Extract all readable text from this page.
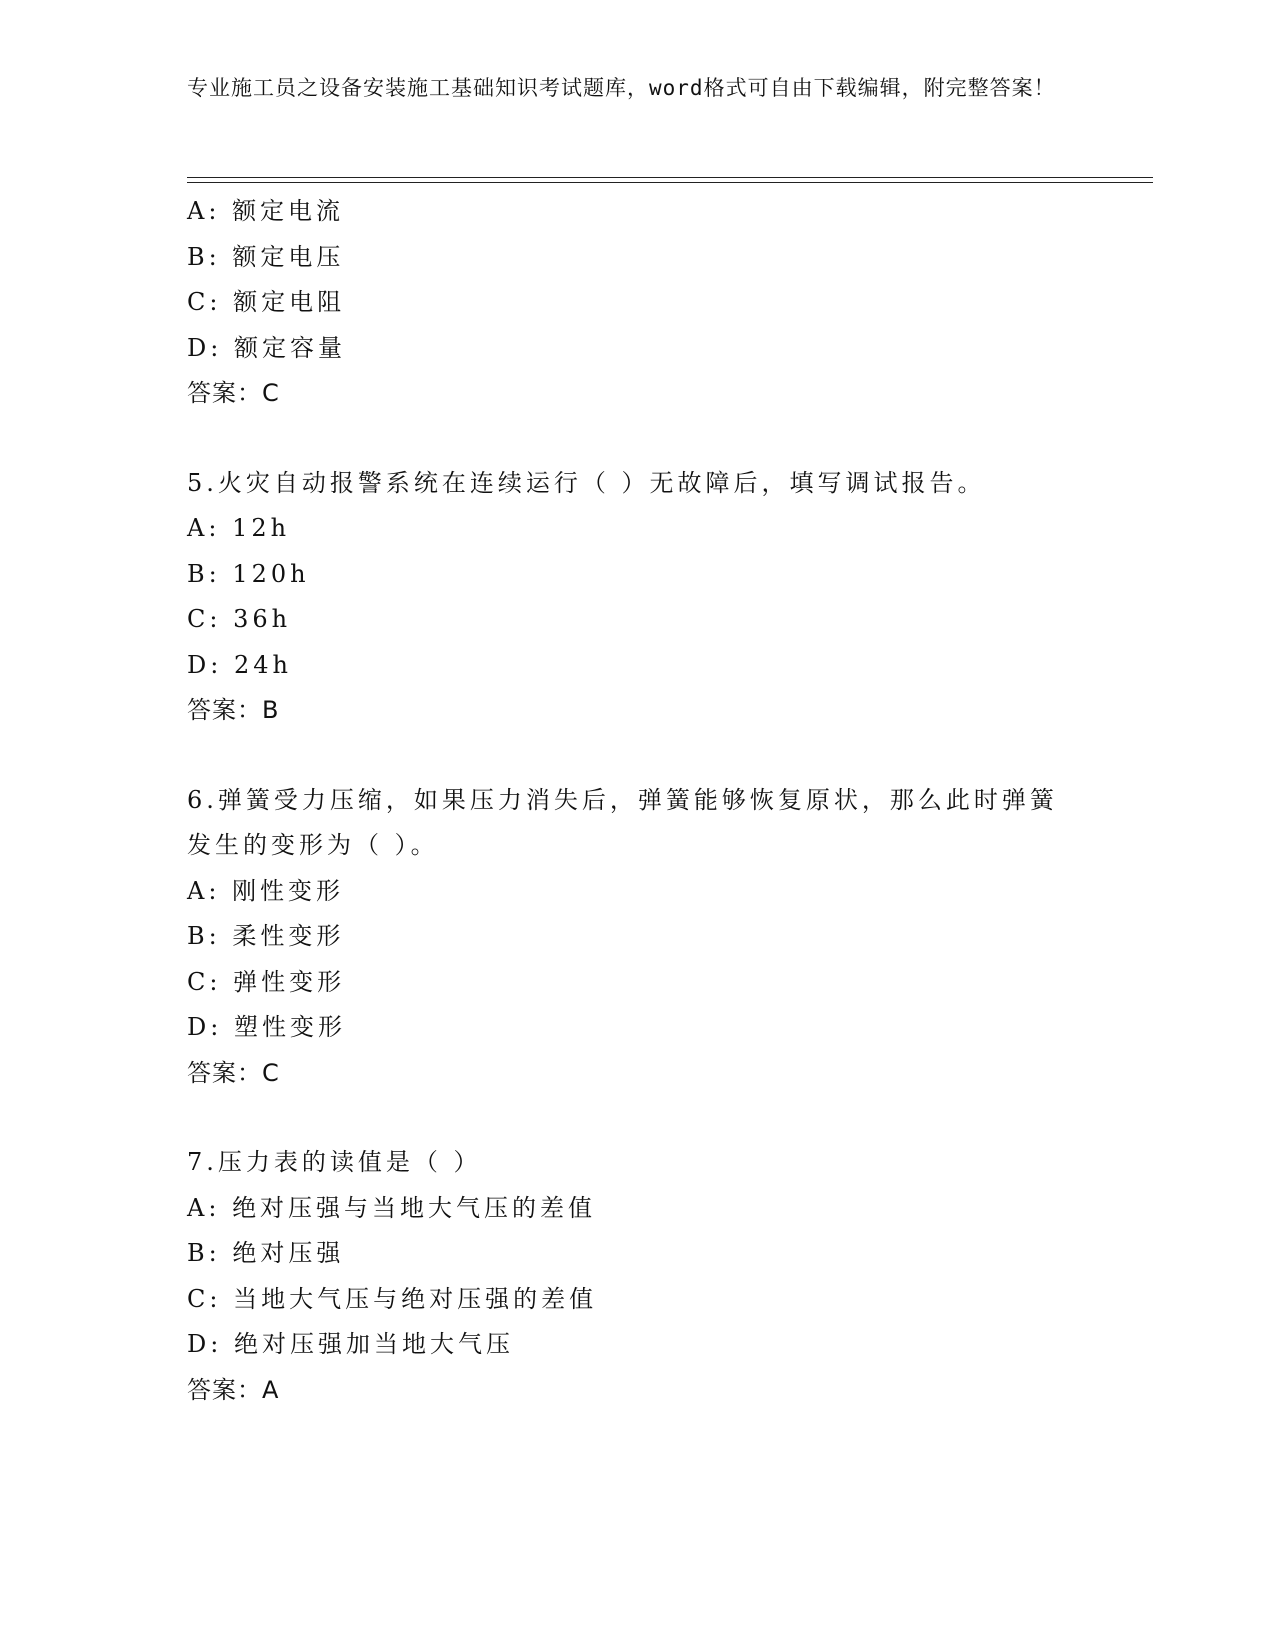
专业施工员之设备安装施工基础知识考试题库，word格式可自由下载编辑，附完整答案！
A: 额定电流
B: 额定电压
C: 额定电阻
D: 额定容量
答案：C
5.火灾自动报警系统在连续运行（ ）无故障后，填写调试报告。
A: 12h
B: 120h
C: 36h
D: 24h
答案：B
6.弹簧受力压缩，如果压力消失后，弹簧能够恢复原状，那么此时弹簧发生的变形为（ ）。
A: 刚性变形
B: 柔性变形
C: 弹性变形
D: 塑性变形
答案：C
7.压力表的读值是（ ）
A: 绝对压强与当地大气压的差值
B: 绝对压强
C: 当地大气压与绝对压强的差值
D: 绝对压强加当地大气压
答案：A
